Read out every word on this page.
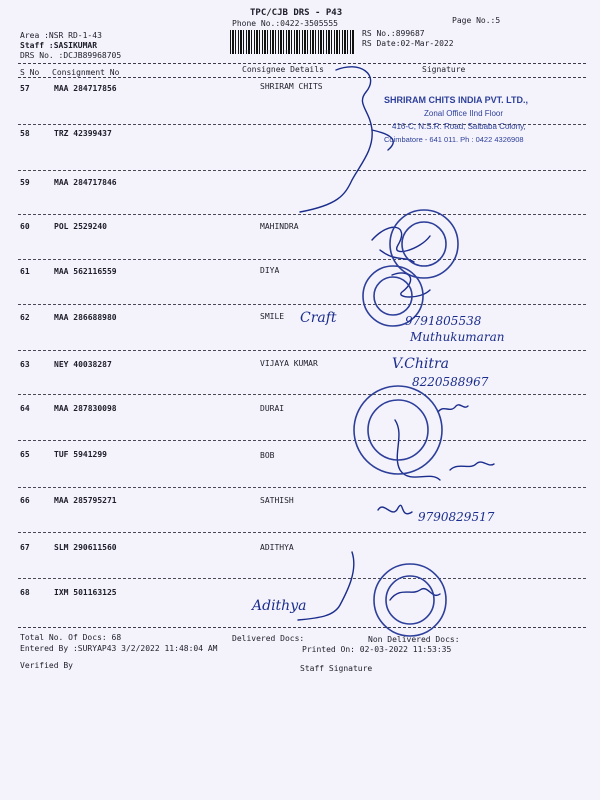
TPC/CJB DRS - P43
Phone No.:0422-3505555	Page No.:5
Area :NSR RD-1-43
Staff :SASIKUMAR
DRS No. :DCJB89968705
RS No.:899687
RS Date:02-Mar-2022
S No Consignment No	Consignee Details	Signature
57	MAA 284717856	SHRIRAM CHITS
58	TRZ 42399437
59	MAA 284717846
60	POL 2529240	MAHINDRA
61	MAA 562116559	DIYA
62	MAA 286688980	SMILE
63	NEY 40038287	VIJAYA KUMAR
64	MAA 287830098	DURAI
65	TUF 5941299	BOB
66	MAA 285795271	SATHISH
67	SLM 290611560	ADITHYA
68	IXM 501163125
SHRIRAM CHITS INDIA PVT. LTD.,
Zonal Office IInd Floor
416-C, N.S.R. Road, Saibaba Colony,
Coimbatore - 641 011. Ph : 0422 4326908
Craft	9791805538
Muthukumaran
V.Chitra
8220588967
9790829517
Adithya
Total No. Of Docs: 68	Delivered Docs:	Non Delivered Docs:
Entered By :SURYAP43 3/2/2022 11:48:04 AM	Printed On: 02-03-2022 11:53:35
Verified By	Staff Signature
